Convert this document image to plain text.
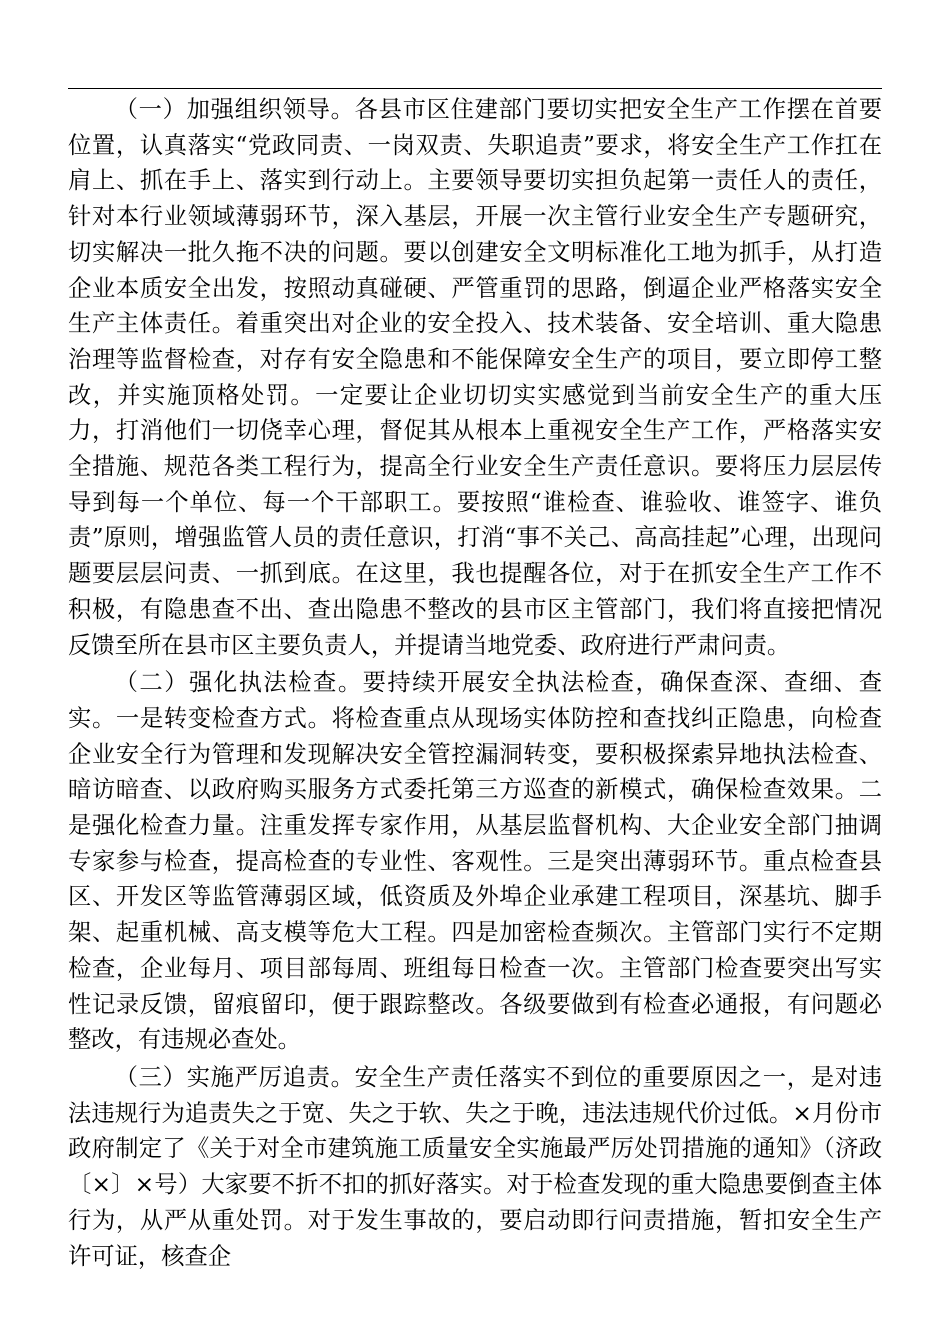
（一）加强组织领导。各县市区住建部门要切实把安全生产工作摆在首要位置，认真落实“党政同责、一岗双责、失职追责”要求，将安全生产工作扛在肩上、抓在手上、落实到行动上。主要领导要切实担负起第一责任人的责任，针对本行业领域薄弱环节，深入基层，开展一次主管行业安全生产专题研究，切实解决一批久拖不决的问题。要以创建安全文明标准化工地为抓手，从打造企业本质安全出发，按照动真碰硬、严管重罚的思路，倒逼企业严格落实安全生产主体责任。着重突出对企业的安全投入、技术装备、安全培训、重大隐患治理等监督检查，对存有安全隐患和不能保障安全生产的项目，要立即停工整改，并实施顶格处罚。一定要让企业切切实实感觉到当前安全生产的重大压力，打消他们一切侥幸心理，督促其从根本上重视安全生产工作，严格落实安全措施、规范各类工程行为，提高全行业安全生产责任意识。要将压力层层传导到每一个单位、每一个干部职工。要按照“谁检查、谁验收、谁签字、谁负责”原则，增强监管人员的责任意识，打消“事不关己、高高挂起”心理，出现问题要层层问责、一抓到底。在这里，我也提醒各位，对于在抓安全生产工作不积极，有隐患查不出、查出隐患不整改的县市区主管部门，我们将直接把情况反馈至所在县市区主要负责人，并提请当地党委、政府进行严肃问责。

（二）强化执法检查。要持续开展安全执法检查，确保查深、查细、查实。一是转变检查方式。将检查重点从现场实体防控和查找纠正隐患，向检查企业安全行为管理和发现解决安全管控漏洞转变，要积极探索异地执法检查、暗访暗查、以政府购买服务方式委托第三方巡查的新模式，确保检查效果。二是强化检查力量。注重发挥专家作用，从基层监督机构、大企业安全部门抽调专家参与检查，提高检查的专业性、客观性。三是突出薄弱环节。重点检查县区、开发区等监管薄弱区域，低资质及外埠企业承建工程项目，深基坑、脚手架、起重机械、高支模等危大工程。四是加密检查频次。主管部门实行不定期检查，企业每月、项目部每周、班组每日检查一次。主管部门检查要突出写实性记录反馈，留痕留印，便于跟踪整改。各级要做到有检查必通报，有问题必整改，有违规必查处。

（三）实施严厉追责。安全生产责任落实不到位的重要原因之一，是对违法违规行为追责失之于宽、失之于软、失之于晚，违法违规代价过低。×月份市政府制定了《关于对全市建筑施工质量安全实施最严厉处罚措施的通知》（济政〔×〕×号）大家要不折不扣的抓好落实。对于检查发现的重大隐患要倒查主体行为，从严从重处罚。对于发生事故的，要启动即行问责措施，暂扣安全生产许可证，核查企
